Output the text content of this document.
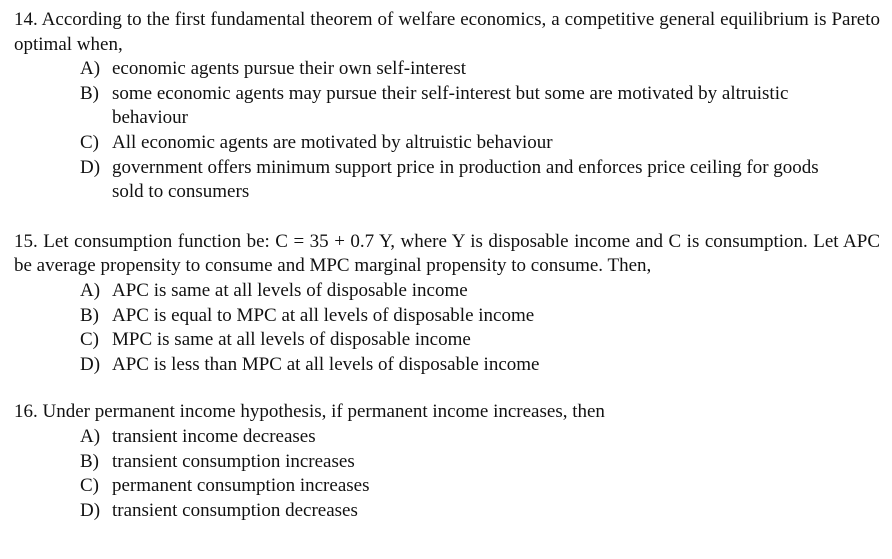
14. According to the first fundamental theorem of welfare economics, a competitive general equilibrium is Pareto optimal when,

A) economic agents pursue their own self-interest
B) some economic agents may pursue their self-interest but some are motivated by altruistic behaviour
C) All economic agents are motivated by altruistic behaviour
D) government offers minimum support price in production and enforces price ceiling for goods sold to consumers

15. Let consumption function be: C = 35 + 0.7 Y, where Y is disposable income and C is consumption. Let APC be average propensity to consume and MPC marginal propensity to consume. Then,

A) APC is same at all levels of disposable income
B) APC is equal to MPC at all levels of disposable income
C) MPC is same at all levels of disposable income
D) APC is less than MPC at all levels of disposable income

16. Under permanent income hypothesis, if permanent income increases, then

A) transient income decreases
B) transient consumption increases
C) permanent consumption increases
D) transient consumption decreases
